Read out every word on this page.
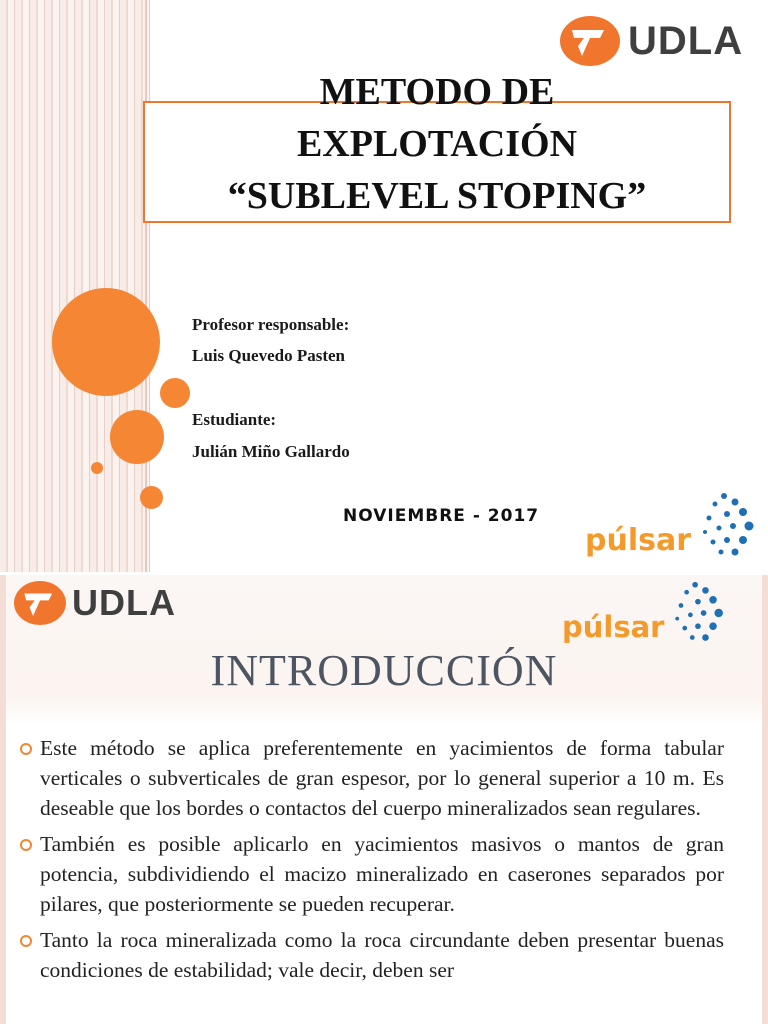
UDLA
METODO DE
EXPLOTACIÓN
“SUBLEVEL STOPING”
Profesor responsable:
Luis Quevedo Pasten
Estudiante:
Julián Miño Gallardo
NOVIEMBRE - 2017
púlsar
UDLA
púlsar
INTRODUCCIÓN
Este método se aplica preferentemente en yacimientos de forma tabular verticales o subverticales de gran espesor, por lo general superior a 10 m. Es deseable que los bordes o contactos del cuerpo mineralizados sean regulares.
También es posible aplicarlo en yacimientos masivos o mantos de gran potencia, subdividiendo el macizo mineralizado en caserones separados por pilares, que posteriormente se pueden recuperar.
Tanto la roca mineralizada como la roca circundante deben presentar buenas condiciones de estabilidad; vale decir, deben ser
